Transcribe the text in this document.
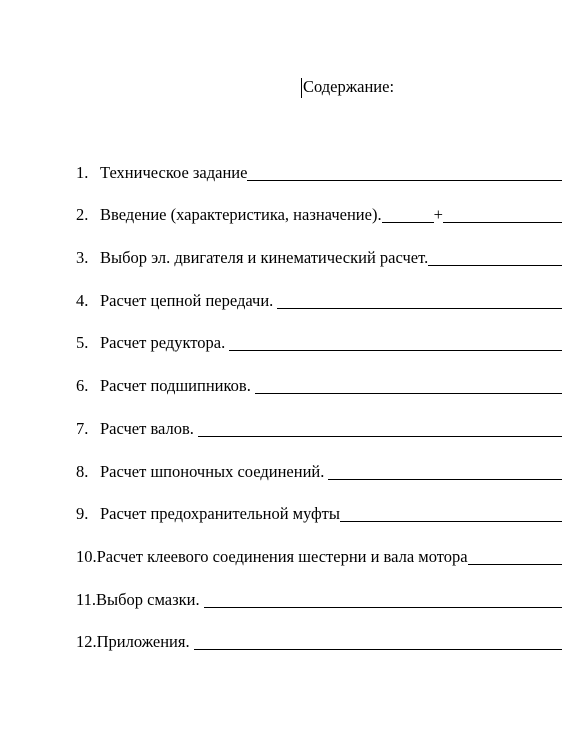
Содержание:
1. Техническое задание
2. Введение (характеристика, назначение).	+
3. Выбор эл. двигателя и кинематический расчет.
4. Расчет цепной передачи.
5. Расчет редуктора.
6. Расчет подшипников.
7. Расчет валов.
8. Расчет шпоночных соединений.
9. Расчет предохранительной муфты
10. Расчет клеевого соединения шестерни и вала мотора
11. Выбор смазки.
12. Приложения.
